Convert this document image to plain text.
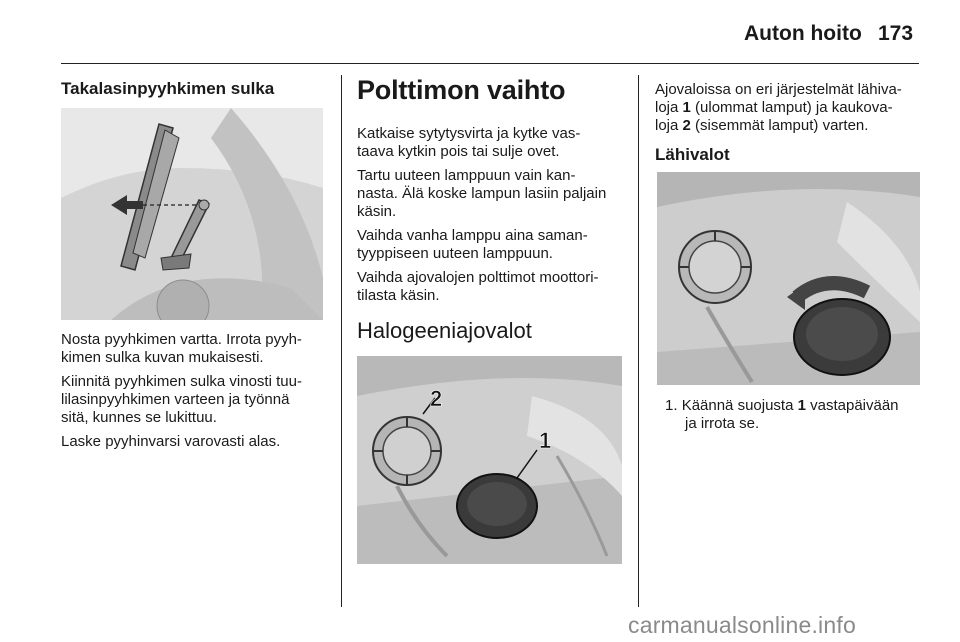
Auton hoito 173
Takalasinpyyhkimen sulka

Nosta pyyhkimen vartta. Irrota pyyh-
kimen sulka kuvan mukaisesti.

Kiinnitä pyyhkimen sulka vinosti tuu-
lilasinpyyhkimen varteen ja työnnä
sitä, kunnes se lukittuu.

Laske pyyhinvarsi varovasti alas.

Polttimon vaihto

Katkaise sytytysvirta ja kytke vas-
taava kytkin pois tai sulje ovet.

Tartu uuteen lamppuun vain kan-
nasta. Älä koske lampun lasiin paljain
käsin.

Vaihda vanha lamppu aina saman-
tyyppiseen uuteen lamppuun.

Vaihda ajovalojen polttimot moottori-
tilasta käsin.

Halogeeniajovalot
2
1

Ajovaloissa on eri järjestelmät lähiva-
loja 1 (ulommat lamput) ja kaukova-
loja 2 (sisemmät lamput) varten.

Lähivalot

1. Käännä suojusta 1 vastapäivään
ja irrota se.

carmanualsonline.info
